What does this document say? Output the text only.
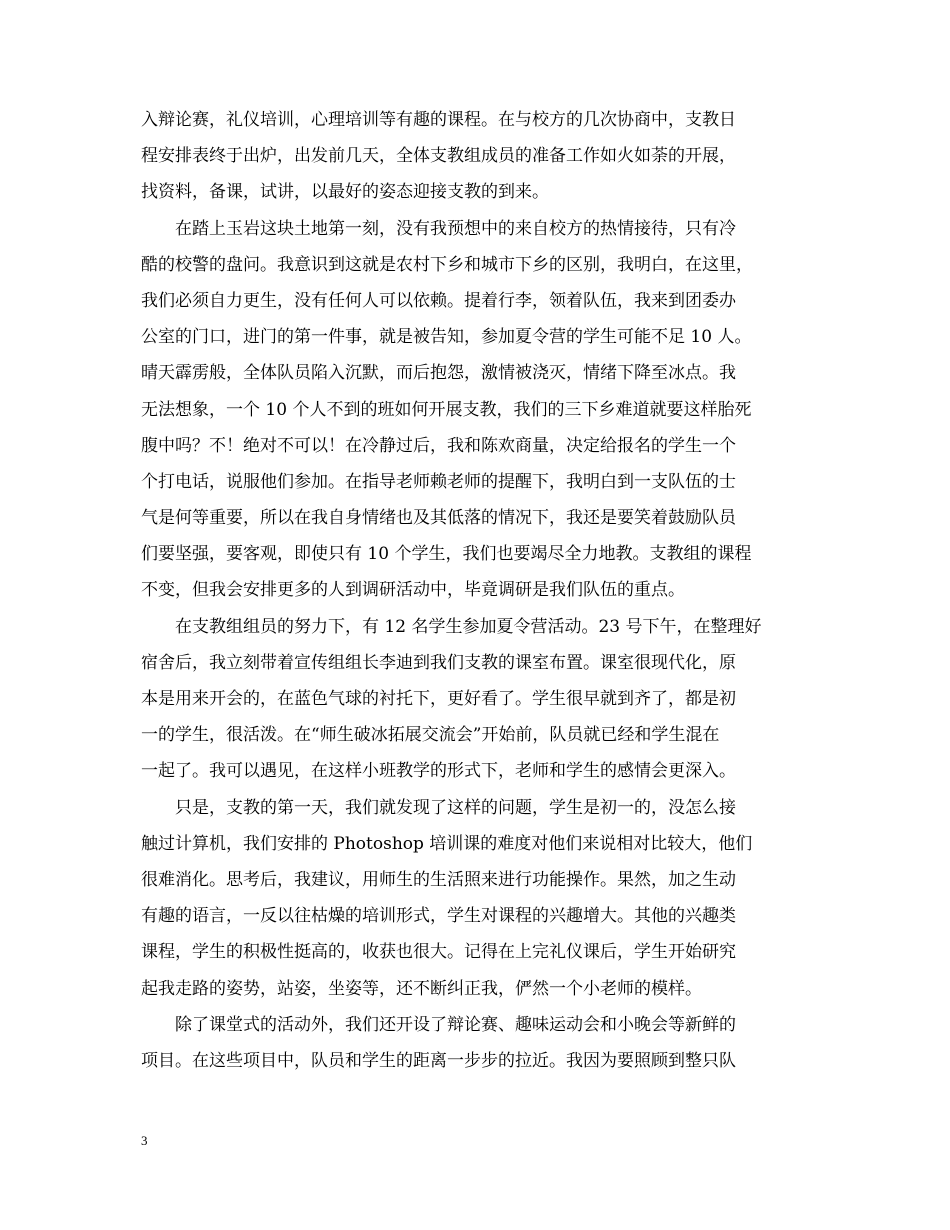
入辩论赛，礼仪培训，心理培训等有趣的课程。在与校方的几次协商中，支教日
程安排表终于出炉，出发前几天，全体支教组成员的准备工作如火如荼的开展，
找资料，备课，试讲，以最好的姿态迎接支教的到来。
　　在踏上玉岩这块土地第一刻，没有我预想中的来自校方的热情接待，只有冷
酷的校警的盘问。我意识到这就是农村下乡和城市下乡的区别，我明白，在这里，
我们必须自力更生，没有任何人可以依赖。提着行李，领着队伍，我来到团委办
公室的门口，进门的第一件事，就是被告知，参加夏令营的学生可能不足 10 人。
晴天霹雳般，全体队员陷入沉默，而后抱怨，激情被浇灭，情绪下降至冰点。我
无法想象，一个 10 个人不到的班如何开展支教，我们的三下乡难道就要这样胎死
腹中吗？不！绝对不可以！在冷静过后，我和陈欢商量，决定给报名的学生一个
个打电话，说服他们参加。在指导老师赖老师的提醒下，我明白到一支队伍的士
气是何等重要，所以在我自身情绪也及其低落的情况下，我还是要笑着鼓励队员
们要坚强，要客观，即使只有 10 个学生，我们也要竭尽全力地教。支教组的课程
不变，但我会安排更多的人到调研活动中，毕竟调研是我们队伍的重点。
　　在支教组组员的努力下，有 12 名学生参加夏令营活动。23 号下午，在整理好
宿舍后，我立刻带着宣传组组长李迪到我们支教的课室布置。课室很现代化，原
本是用来开会的，在蓝色气球的衬托下，更好看了。学生很早就到齐了，都是初
一的学生，很活泼。在“师生破冰拓展交流会”开始前，队员就已经和学生混在
一起了。我可以遇见，在这样小班教学的形式下，老师和学生的感情会更深入。
　　只是，支教的第一天，我们就发现了这样的问题，学生是初一的，没怎么接
触过计算机，我们安排的 Photoshop 培训课的难度对他们来说相对比较大，他们
很难消化。思考后，我建议，用师生的生活照来进行功能操作。果然，加之生动
有趣的语言，一反以往枯燥的培训形式，学生对课程的兴趣增大。其他的兴趣类
课程，学生的积极性挺高的，收获也很大。记得在上完礼仪课后，学生开始研究
起我走路的姿势，站姿，坐姿等，还不断纠正我，俨然一个小老师的模样。
　　除了课堂式的活动外，我们还开设了辩论赛、趣味运动会和小晚会等新鲜的
项目。在这些项目中，队员和学生的距离一步步的拉近。我因为要照顾到整只队
3
